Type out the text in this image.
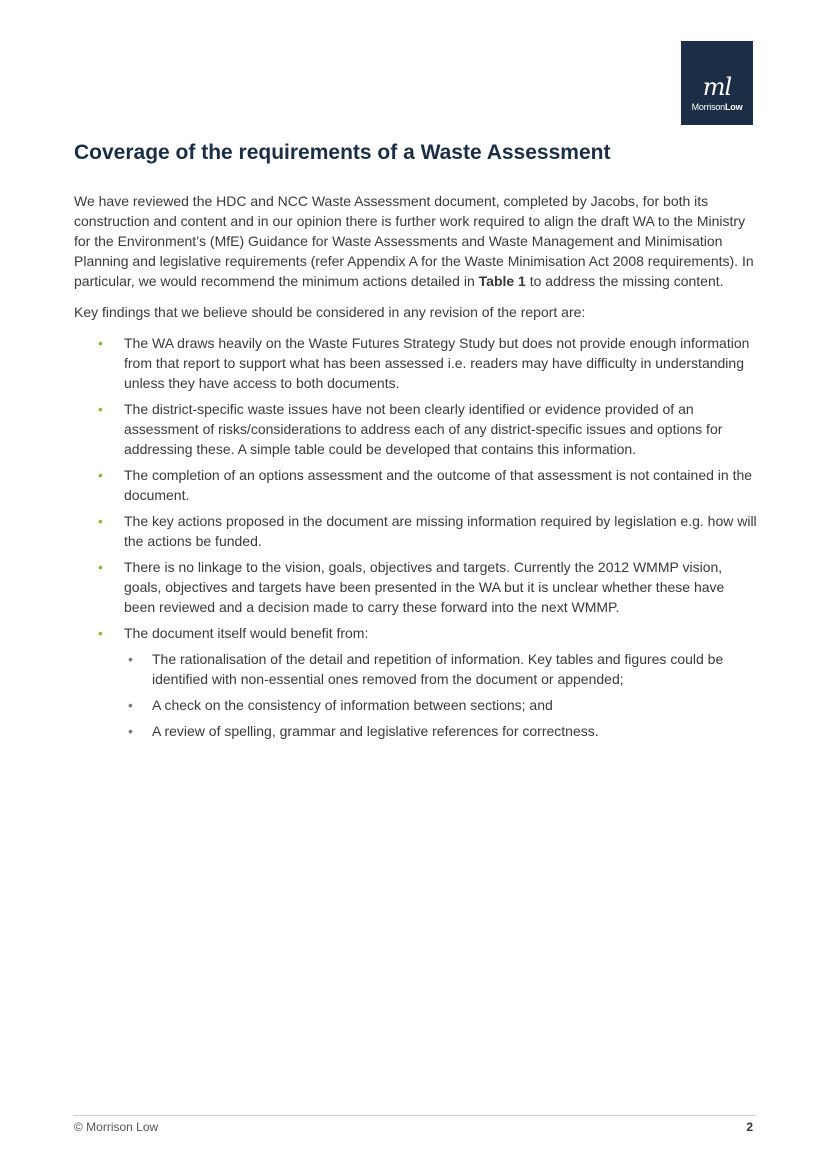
ml
MorrisonLow
Coverage of the requirements of a Waste Assessment

We have reviewed the HDC and NCC Waste Assessment document, completed by Jacobs, for both its construction and content and in our opinion there is further work required to align the draft WA to the Ministry for the Environment’s (MfE) Guidance for Waste Assessments and Waste Management and Minimisation Planning and legislative requirements (refer Appendix A for the Waste Minimisation Act 2008 requirements). In particular, we would recommend the minimum actions detailed in Table 1 to address the missing content.

Key findings that we believe should be considered in any revision of the report are:

• The WA draws heavily on the Waste Futures Strategy Study but does not provide enough information from that report to support what has been assessed i.e. readers may have difficulty in understanding unless they have access to both documents.
• The district-specific waste issues have not been clearly identified or evidence provided of an assessment of risks/considerations to address each of any district-specific issues and options for addressing these. A simple table could be developed that contains this information.
• The completion of an options assessment and the outcome of that assessment is not contained in the document.
• The key actions proposed in the document are missing information required by legislation e.g. how will the actions be funded.
• There is no linkage to the vision, goals, objectives and targets. Currently the 2012 WMMP vision, goals, objectives and targets have been presented in the WA but it is unclear whether these have been reviewed and a decision made to carry these forward into the next WMMP.
• The document itself would benefit from:
• The rationalisation of the detail and repetition of information. Key tables and figures could be identified with non-essential ones removed from the document or appended;
• A check on the consistency of information between sections; and
• A review of spelling, grammar and legislative references for correctness.
© Morrison Low	2
